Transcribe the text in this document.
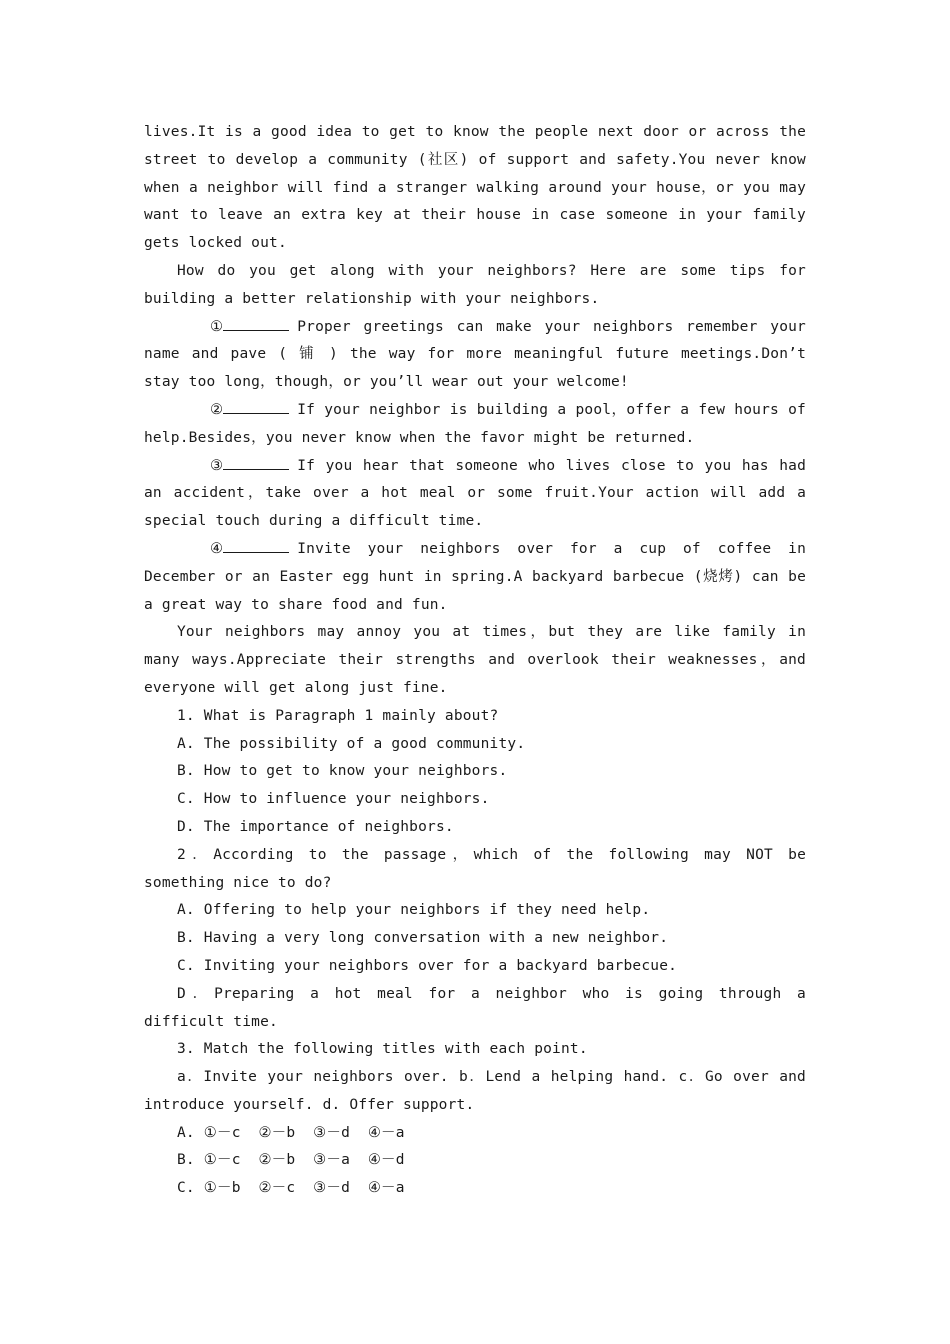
lives.It is a good idea to get to know the people next door or across the street to develop a community (社区) of support and safety.You never know when a neighbor will find a stranger walking around your house，or you may want to leave an extra key at their house in case someone in your family gets locked out.

How do you get along with your neighbors? Here are some tips for building a better relationship with your neighbors.

①	Proper greetings can make your neighbors remember your name and pave ( 铺 ) the way for more meaningful future meetings.Don’t stay too long，though，or you’ll wear out your welcome!

②	If your neighbor is building a pool，offer a few hours of help.Besides，you never know when the favor might be returned.

③	If you hear that someone who lives close to you has had an accident，take over a hot meal or some fruit.Your action will add a special touch during a difficult time.

④	Invite your neighbors over for a cup of coffee in December or an Easter egg hunt in spring.A backyard barbecue (烧烤) can be a great way to share food and fun.

Your neighbors may annoy you at times，but they are like family in many ways.Appreciate their strengths and overlook their weaknesses，and everyone will get along just fine.

1. What is Paragraph 1 mainly about?

A. The possibility of a good community.

B. How to get to know your neighbors.

C. How to influence your neighbors.

D. The importance of neighbors.

2．According to the passage，which of the following may NOT be something nice to do?

A. Offering to help your neighbors if they need help.

B. Having a very long conversation with a new neighbor.

C. Inviting your neighbors over for a backyard barbecue.

D．Preparing a hot meal for a neighbor who is going through a difficult time.

3. Match the following titles with each point.

a．Invite your neighbors over. b．Lend a helping hand. c．Go over and introduce yourself. d. Offer support.

A. ①－c  ②－b  ③－d  ④－a

B. ①－c  ②－b  ③－a  ④－d

C. ①－b  ②－c  ③－d  ④－a
